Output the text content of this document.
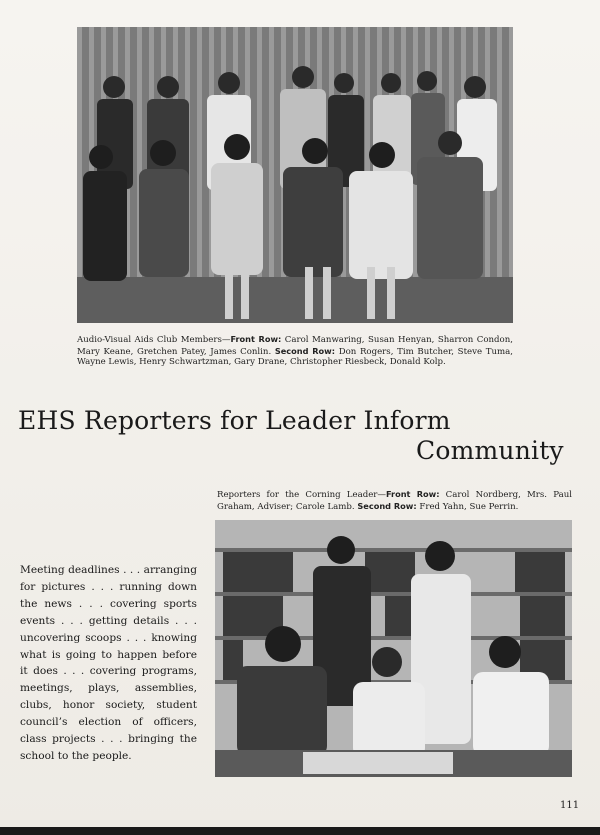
Audio-Visual Aids Club Members—Front Row: Carol Manwaring, Susan Henyan, Sharron Condon, Mary Keane, Gretchen Patey, James Conlin. Second Row: Don Rogers, Tim Butcher, Steve Tuma, Wayne Lewis, Henry Schwartzman, Gary Drane, Christopher Riesbeck, Donald Kolp.
EHS Reporters for Leader Inform
Community
Reporters for the Corning Leader—Front Row: Carol Nordberg, Mrs. Paul Graham, Adviser; Carole Lamb. Second Row: Fred Yahn, Sue Perrin.
Meeting deadlines . . . arranging for pictures . . . running down the news . . . covering sports events . . . getting details . . . uncovering scoops . . . knowing what is going to happen before it does . . . covering programs, meetings, plays, assemblies, clubs, honor society, student council’s election of officers, class projects . . . bringing the school to the people.
111
